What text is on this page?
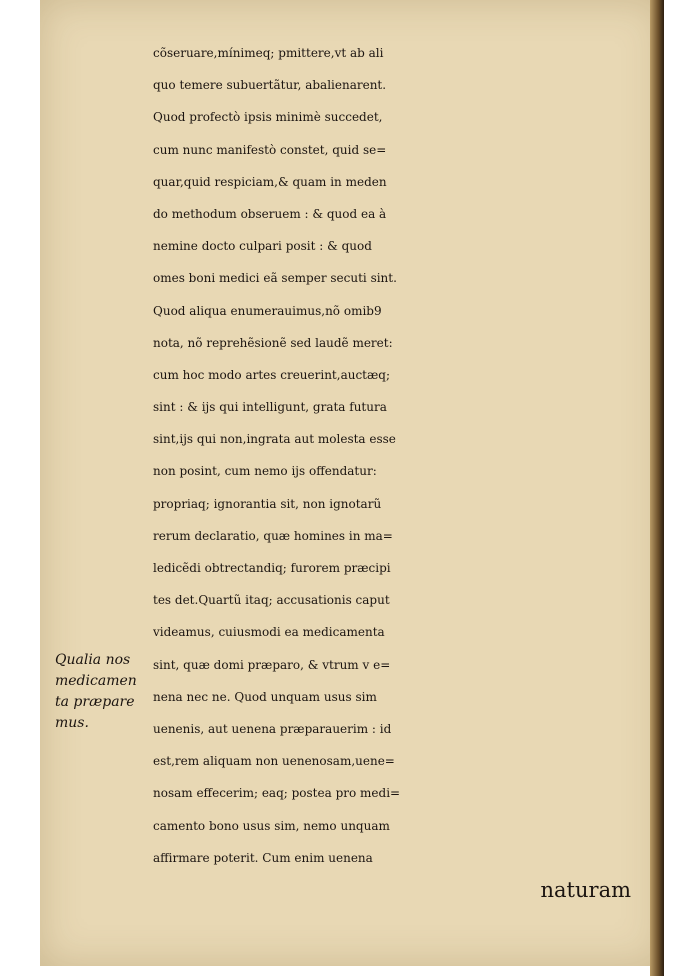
cõseruare,mínimeq; pmittere,vt ab ali
quo temere subuertãtur, abalienarent.
Quod profectò ipsis minimè succedet,
cum nunc manifestò constet, quid se=
quar,quid respiciam,& quam in meden
do methodum obseruem : & quod ea à
nemine docto culpari posit : & quod
omes boni medici eã semper secuti sint.
Quod aliqua enumerauimus,nõ omib9
nota, nõ reprehẽsionẽ sed laudẽ meret:
cum hoc modo artes creuerint,auctæq;
sint : & ijs qui intelligunt, grata futura
sint,ijs qui non,ingrata aut molesta esse
non posint, cum nemo ijs offendatur:
propriaq; ignorantia sit, non ignotarũ
rerum declaratio, quæ homines in ma=
ledicẽdi obtrectandiq; furorem præcipi
tes det.Quartũ itaq; accusationis caput
videamus, cuiusmodi ea medicamenta
sint, quæ domi præparo, & vtrum v e=
nena nec ne. Quod unquam usus sim
uenenis, aut uenena præparauerim : id
est,rem aliquam non uenenosam,uene=
nosam effecerim; eaq; postea pro medi=
camento bono usus sim, nemo unquam
affirmare poterit. Cum enim uenena
naturam
Qualia nos
medicamen
ta præpare
mus.
